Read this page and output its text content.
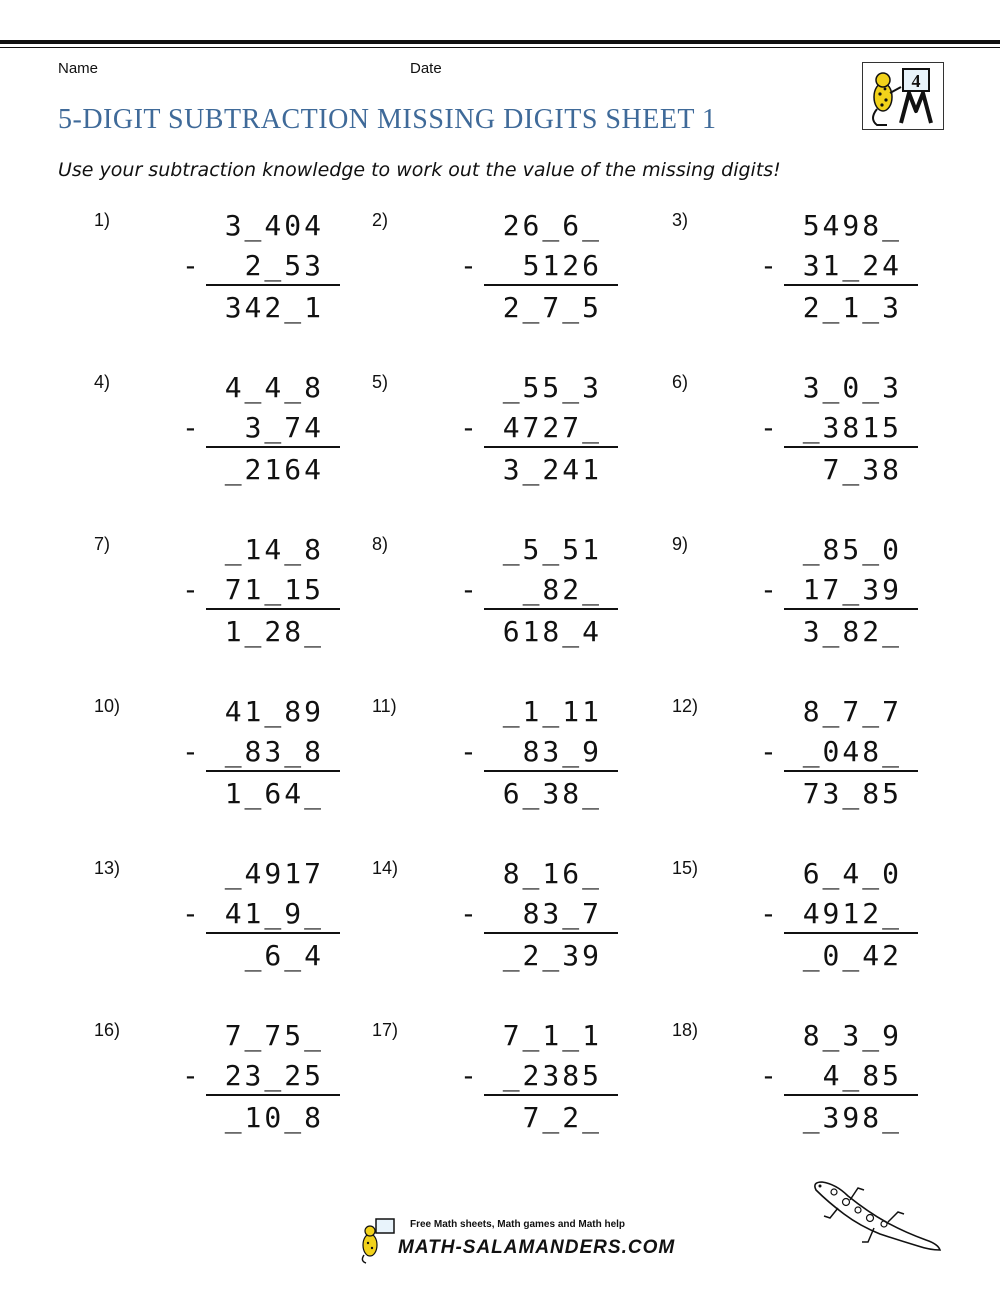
Name	Date
5-DIGIT SUBTRACTION MISSING DIGITS SHEET 1
Use your subtraction knowledge to work out the value of the missing digits!
4
1)	3_404
-	2_53
342_1
2)	26_6_
-	5126
2_7_5
3)	5498_
- 31_24
2_1_3
4)	4_4_8
-	3_74
_2164
5)	_55_3
- 4727_
3_241
6)	3_0_3
- _3815
7_38
7)	_14_8
- 71_15
1_28_
8)	_5_51
-	_82_
618_4
9)	_85_0
- 17_39
3_82_
10)	41_89
- _83_8
1_64_
11)	_1_11
-	83_9
6_38_
12)	8_7_7
- _048_
73_85
13)	_4917
- 41_9_
_6_4
14)	8_16_
-	83_7
_2_39
15)	6_4_0
- 4912_
_0_42
16)	7_75_
- 23_25
_10_8
17)	7_1_1
- _2385
7_2_
18)	8_3_9
-	4_85
_398_
Free Math sheets, Math games and Math help
MATH-SALAMANDERS.COM
